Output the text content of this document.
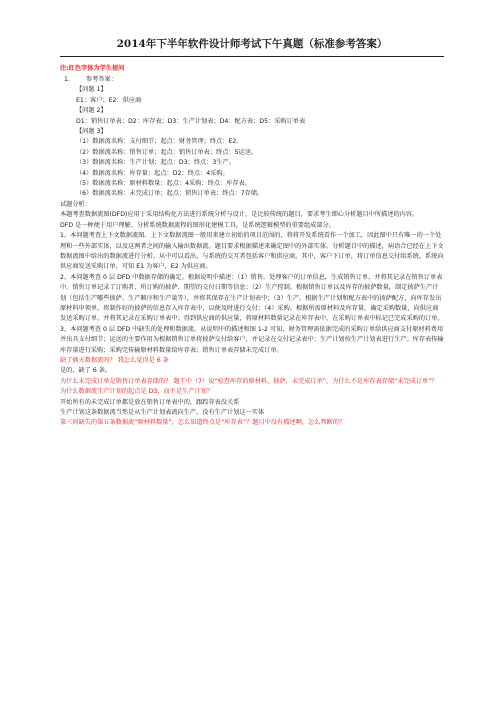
2014年下半年软件设计师考试下午真题（标准参考答案）
注:红色字体为学生提问
1.	参考答案：
【问题 1】
E1：客户；E2：供应商
【问题 2】
D1：销售订单表；D2：库存表；D3：生产计划表；D4：配方表；D5：采购订单表
【问题 3】
（1）数据流名称：支付细节；起点：财务管理；终点：E2。
（2）数据流名称：销售订单；起点：销售订单表；终点：5运送。
（3）数据流名称：生产计划；起点：D3；终点：3生产。
（4）数据流名称：库存量；起点：D2；终点：4采购。
（5）数据流名称：原材料数量；起点：4采购；终点：库存表。
（6）数据流名称：未完成订单；起点：销售订单表；终点：7存储。
试题分析：
本题考查数据流图(DFD)应用于采用结构化方法进行系统分析与设计，是比较传统的题目，要求考生细心分析题目中所描述的内容。
DFD 是一种便于用户理解、分析系统数据流程的图形化建模工具，是系统逻辑模型的重要组成部分。
1、本问题考查上下文数据流图。上下文数据流图一般用来建立初始的项目范围的，将将开发系统看作一个加工，因此图中只有唯一的一个处理和一些外部实体，以及这两者之间的输入输出数据流。题目要求根据描述来确定图中的外部实体。分析题目中的描述，病语合已经在上下文数据流图中给出的数据流进行分析。从中可以看出，与系统的交互者包括客户和供应商。其中，客户下订单，将订单信息交付给系统，系统向供应商发送采购订单，可知 E1 为客户，E2 为供应商。
2、本问题考查 0 层 DFD 中数据存储的确定。根据说明中描述：（1）销售。处理客户的订单信息，生成销售订单，并将其记录在销售订单表中。销售订单记录了订购者、所订购的披萨、期望的交付日期等信息；（2）生产控制。根据销售订单以及库存的披萨数量，制定披萨生产计划（包括生产哪些披萨、生产顺序和生产量等），并将其保存在生产计划表中；（3）生产。根据生产计划和配方表中的披萨配方，向库存发出原材料申领单，将制作好的披萨的信息存入库存表中，以便及时进行交付；（4）采购。根据所需原材料及库存量，确定采购数量，向供应商发送采购订单，并将其记录在采购订单表中；得到供应商的供应量，将原材料数量记录在库存表中，在采购订单表中标记已完成采购的订单。
3、本问题考查 0 层 DFD 中缺失的处理和数据流。从说明中的描述和图 1-2 可知，财务管理需依据完成的采购订单给供应商支付原材料费用并出具支付细节；运送的主要作用为根据销售订单将披萨交付给客户，并记录在交付记录表中；生产计划按生产计划表进行生产；库存表传输库存量进行采购；采购完传输原材料数量给库存表；销售订单表存储未完成订单。
缺了俩天数据流吗？ 我怎么觉得是 6 条
是的，缺了 6 条。
为什么未完成订单是销售订单表存储的？ 题干中（7）说“检查库存的原材料，披萨，未完成订单”，为什么不是库存表存储“未完成订单”？
为什么数据流生产计划的起点是 D3，而不是生产计划？
开始所有的未完成订单都是放在销售订单表中的，跟踪存表没关系
生产计划这条数据流当然是从生产计划表流向生产，没有生产计划这一实体
第三问缺失的第五条数据流“原材料数量”，怎么知道终点是“库存表”？题目中没有描述啊，怎么判断的？
